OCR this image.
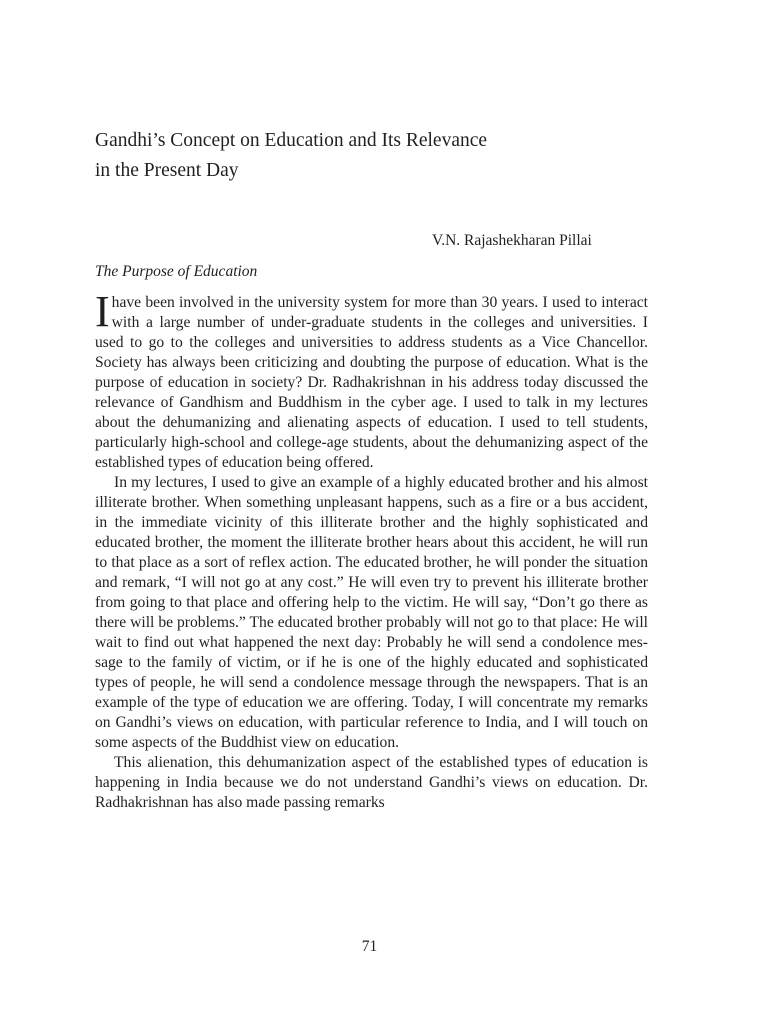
Gandhi’s Concept on Education and Its Relevance
in the Present Day
V.N. Rajashekharan Pillai
The Purpose of Education

Ihave been involved in the university system for more than 30 years. I used to interact with a large number of under-graduate students in the colleges and universities. I used to go to the colleges and universities to address students as a Vice Chancellor. Society has always been criticizing and doubting the purpose of education. What is the purpose of education in society? Dr. Radhakrishnan in his address today discussed the relevance of Gandhism and Buddhism in the cyber age. I used to talk in my lectures about the dehumanizing and alienating aspects of education. I used to tell students, particularly high-school and college-age students, about the dehumanizing aspect of the established types of education being offered.

In my lectures, I used to give an example of a highly educated brother and his almost illiterate brother. When something unpleasant happens, such as a fire or a bus accident, in the immediate vicinity of this illiterate brother and the highly sophisticated and educated brother, the moment the illiterate brother hears about this accident, he will run to that place as a sort of reflex action. The educated brother, he will ponder the situation and remark, “I will not go at any cost.” He will even try to prevent his illiterate brother from going to that place and offering help to the victim. He will say, “Don’t go there as there will be problems.” The educated brother probably will not go to that place: He will wait to find out what happened the next day: Probably he will send a condolence message to the family of victim, or if he is one of the highly educated and sophisticated types of people, he will send a condolence message through the newspapers. That is an example of the type of education we are offering. Today, I will concentrate my remarks on Gandhi’s views on education, with particular reference to India, and I will touch on some aspects of the Buddhist view on education.

This alienation, this dehumanization aspect of the established types of education is happening in India because we do not understand Gandhi’s views on education. Dr. Radhakrishnan has also made passing remarks

71
